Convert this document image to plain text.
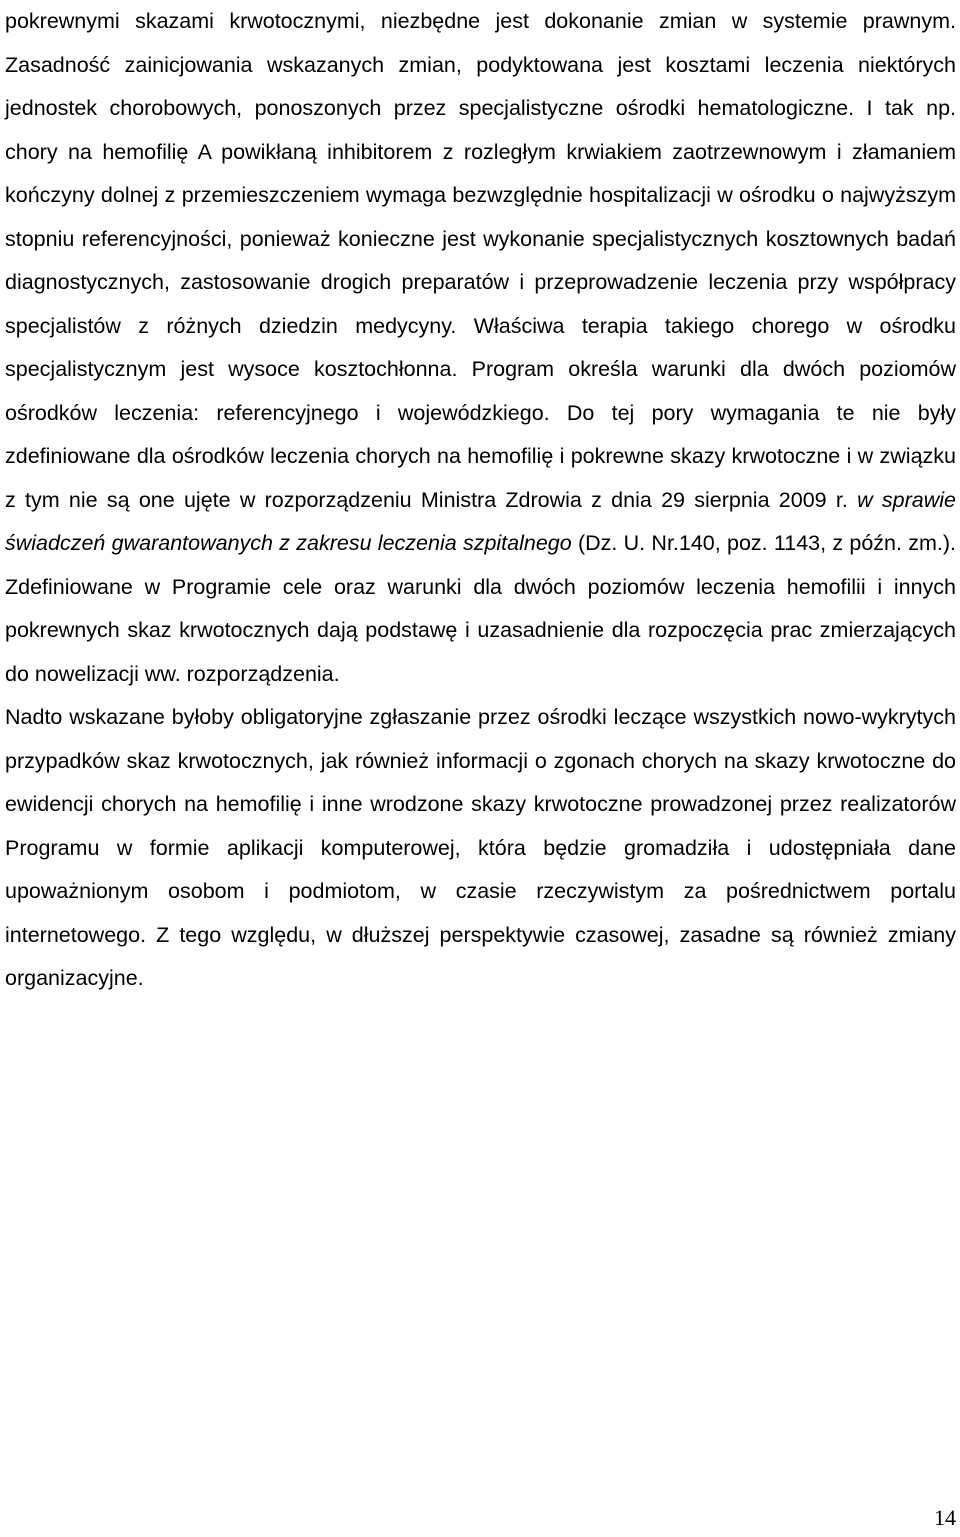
pokrewnymi skazami krwotocznymi, niezbędne jest dokonanie zmian w systemie prawnym. Zasadność zainicjowania wskazanych zmian, podyktowana jest kosztami leczenia niektórych jednostek chorobowych, ponoszonych przez specjalistyczne ośrodki hematologiczne. I tak np. chory na hemofilię A powikłaną inhibitorem z rozległym krwiakiem zaotrzewnowym i złamaniem kończyny dolnej z przemieszczeniem wymaga bezwzględnie hospitalizacji w ośrodku o najwyższym stopniu referencyjności, ponieważ konieczne jest wykonanie specjalistycznych kosztownych badań diagnostycznych, zastosowanie drogich preparatów i przeprowadzenie leczenia przy współpracy specjalistów z różnych dziedzin medycyny. Właściwa terapia takiego chorego w ośrodku specjalistycznym jest wysoce kosztochłonna. Program określa warunki dla dwóch poziomów ośrodków leczenia: referencyjnego i wojewódzkiego. Do tej pory wymagania te nie były zdefiniowane dla ośrodków leczenia chorych na hemofilię i pokrewne skazy krwotoczne i w związku z tym nie są one ujęte w rozporządzeniu Ministra Zdrowia z dnia 29 sierpnia 2009 r. w sprawie świadczeń gwarantowanych z zakresu leczenia szpitalnego (Dz. U. Nr.140, poz. 1143, z późn. zm.). Zdefiniowane w Programie cele oraz warunki dla dwóch poziomów leczenia hemofilii i innych pokrewnych skaz krwotocznych dają podstawę i uzasadnienie dla rozpoczęcia prac zmierzających do nowelizacji ww. rozporządzenia.

Nadto wskazane byłoby obligatoryjne zgłaszanie przez ośrodki leczące wszystkich nowo-wykrytych przypadków skaz krwotocznych, jak również informacji o zgonach chorych na skazy krwotoczne do ewidencji chorych na hemofilię i inne wrodzone skazy krwotoczne prowadzonej przez realizatorów Programu w formie aplikacji komputerowej, która będzie gromadziła i udostępniała dane upoważnionym osobom i podmiotom, w czasie rzeczywistym za pośrednictwem portalu internetowego. Z tego względu, w dłuższej perspektywie czasowej, zasadne są również zmiany organizacyjne.

14
